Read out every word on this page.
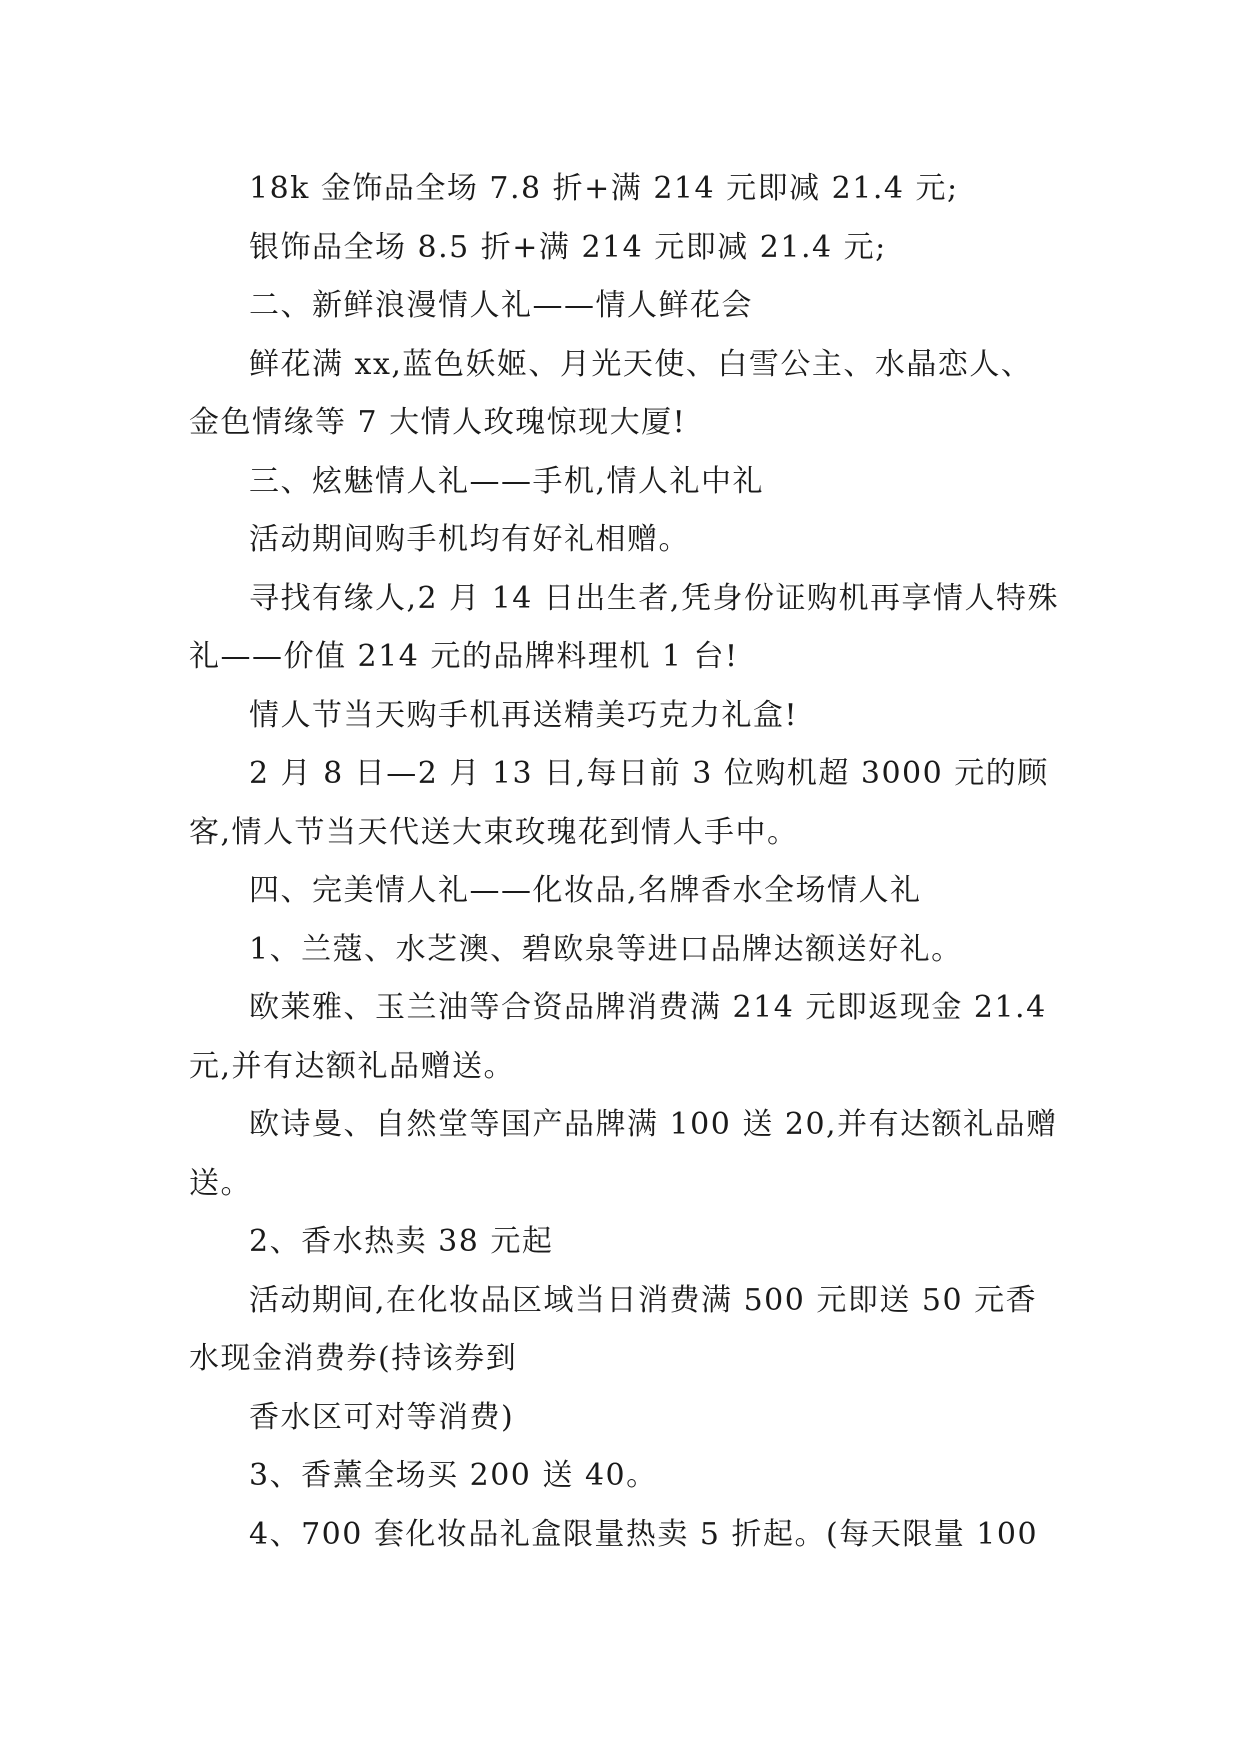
18k 金饰品全场 7.8 折+满 214 元即减 21.4 元;

银饰品全场 8.5 折+满 214 元即减 21.4 元;

二、新鲜浪漫情人礼——情人鲜花会

鲜花满 xx,蓝色妖姬、月光天使、白雪公主、水晶恋人、金色情缘等 7 大情人玫瑰惊现大厦!

三、炫魅情人礼——手机,情人礼中礼

活动期间购手机均有好礼相赠。

寻找有缘人,2 月 14 日出生者,凭身份证购机再享情人特殊礼——价值 214 元的品牌料理机 1 台!

情人节当天购手机再送精美巧克力礼盒!

2 月 8 日—2 月 13 日,每日前 3 位购机超 3000 元的顾客,情人节当天代送大束玫瑰花到情人手中。

四、完美情人礼——化妆品,名牌香水全场情人礼

1、兰蔻、水芝澳、碧欧泉等进口品牌达额送好礼。

欧莱雅、玉兰油等合资品牌消费满 214 元即返现金 21.4 元,并有达额礼品赠送。

欧诗曼、自然堂等国产品牌满 100 送 20,并有达额礼品赠送。

2、香水热卖 38 元起

活动期间,在化妆品区域当日消费满 500 元即送 50 元香水现金消费券(持该券到

香水区可对等消费)

3、香薰全场买 200 送 40。

4、700 套化妆品礼盒限量热卖 5 折起。(每天限量 100
